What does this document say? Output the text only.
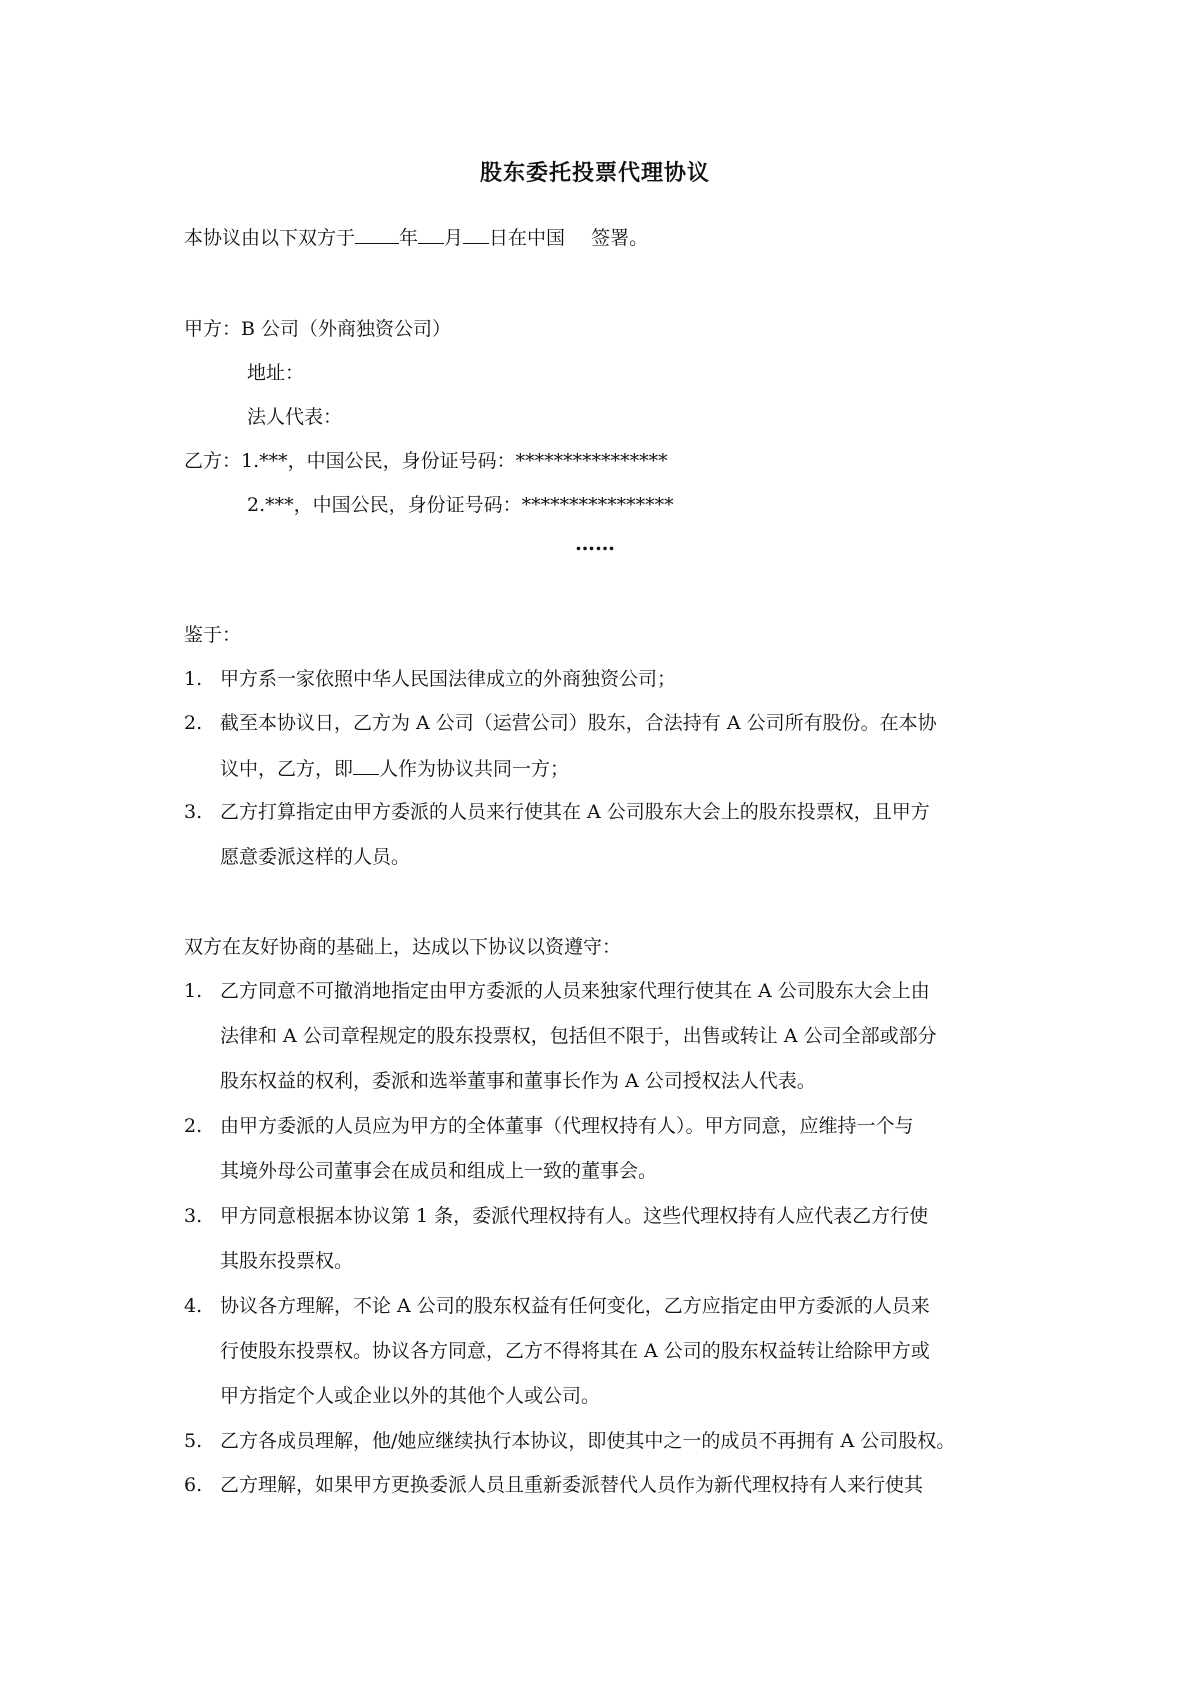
股东委托投票代理协议
本协议由以下双方于 年 月 日在中国 签署。
甲方：B 公司（外商独资公司）
地址：
法人代表：
乙方：1.***，中国公民，身份证号码：****************
2.***，中国公民，身份证号码：****************
……
鉴于：
1. 甲方系一家依照中华人民国法律成立的外商独资公司；
2. 截至本协议日，乙方为 A 公司（运营公司）股东，合法持有 A 公司所有股份。在本协
议中，乙方，即 人作为协议共同一方；
3. 乙方打算指定由甲方委派的人员来行使其在 A 公司股东大会上的股东投票权，且甲方
愿意委派这样的人员。
双方在友好协商的基础上，达成以下协议以资遵守：
1. 乙方同意不可撤消地指定由甲方委派的人员来独家代理行使其在 A 公司股东大会上由
法律和 A 公司章程规定的股东投票权，包括但不限于，出售或转让 A 公司全部或部分
股东权益的权利，委派和选举董事和董事长作为 A 公司授权法人代表。
2. 由甲方委派的人员应为甲方的全体董事（代理权持有人）。甲方同意，应维持一个与
其境外母公司董事会在成员和组成上一致的董事会。
3. 甲方同意根据本协议第 1 条，委派代理权持有人。这些代理权持有人应代表乙方行使
其股东投票权。
4. 协议各方理解，不论 A 公司的股东权益有任何变化，乙方应指定由甲方委派的人员来
行使股东投票权。协议各方同意，乙方不得将其在 A 公司的股东权益转让给除甲方或
甲方指定个人或企业以外的其他个人或公司。
5. 乙方各成员理解，他/她应继续执行本协议，即使其中之一的成员不再拥有 A 公司股权。
6. 乙方理解，如果甲方更换委派人员且重新委派替代人员作为新代理权持有人来行使其
